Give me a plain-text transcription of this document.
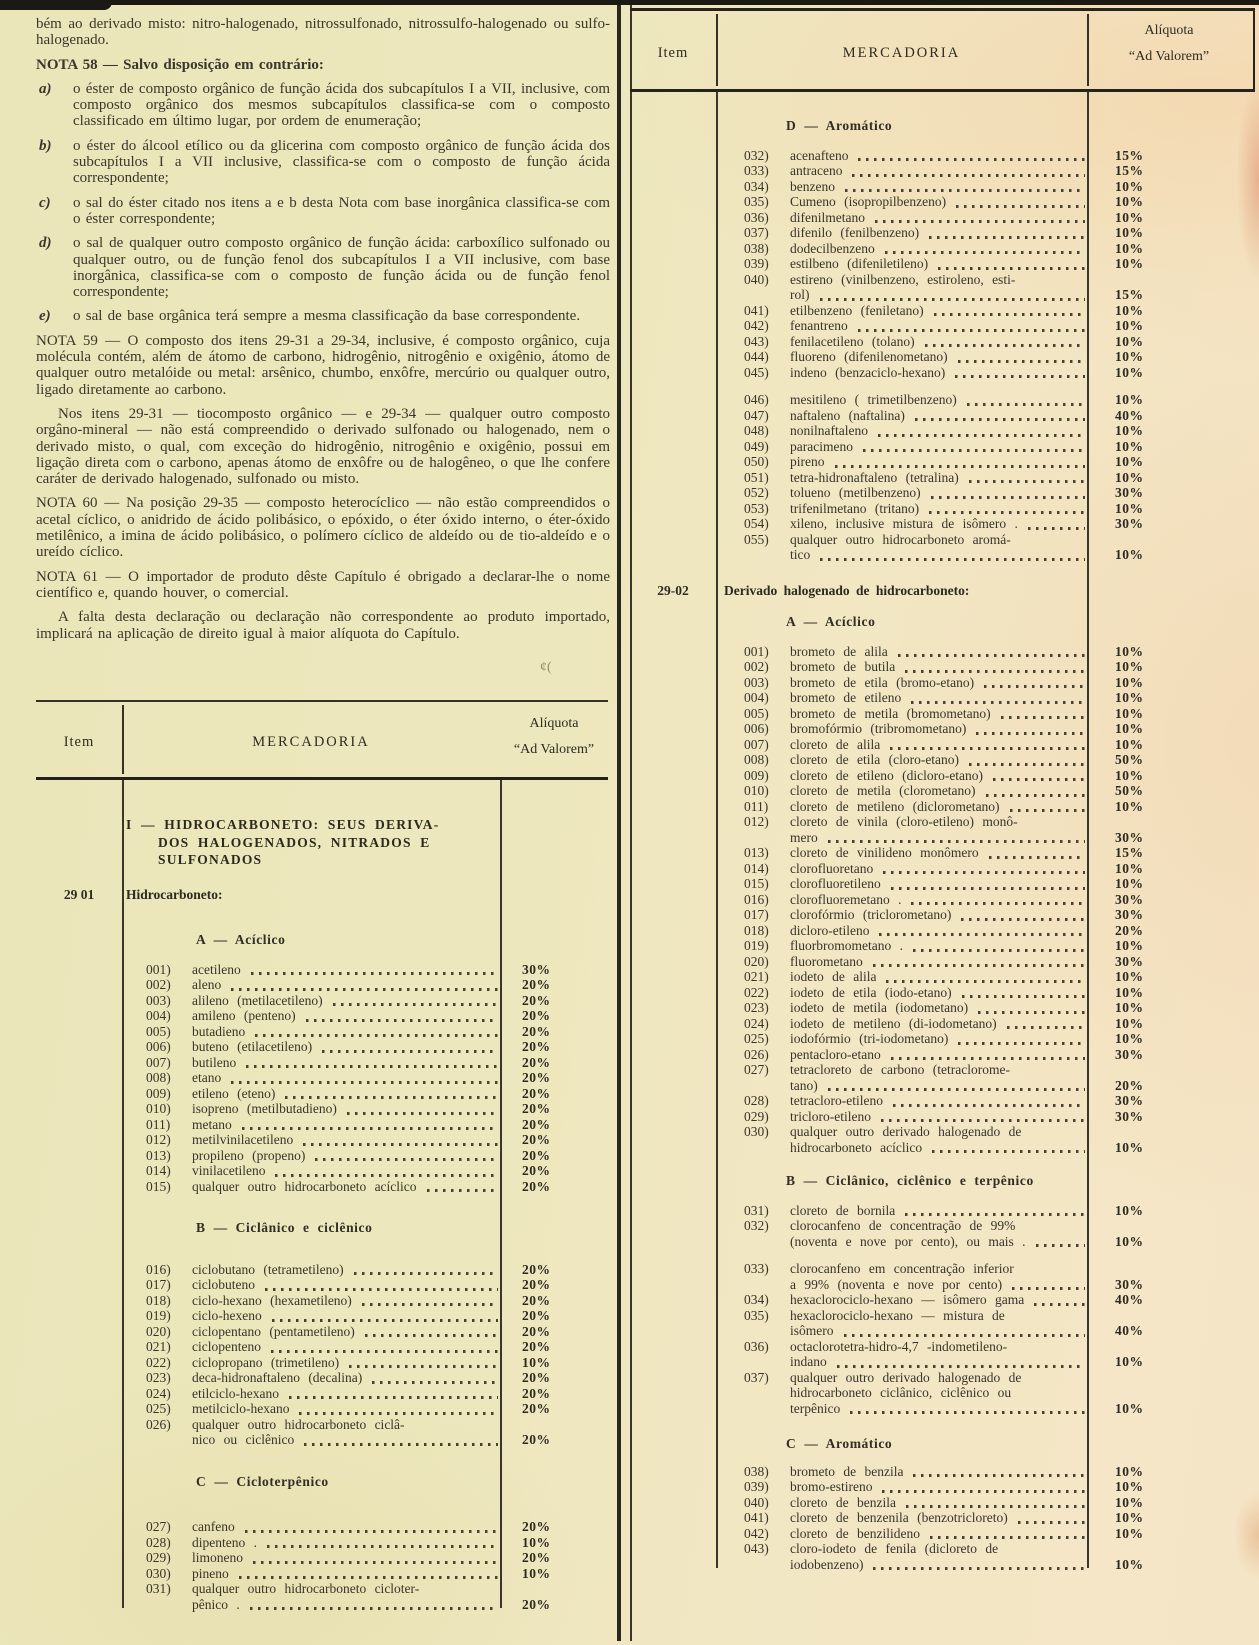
¢(

bém ao derivado misto: nitro-halogenado, nitrossulfonado, nitrossulfo-halogenado ou sulfo-halogenado.

NOTA 58 — Salvo disposição em contrário:

a)	o éster de composto orgânico de função ácida dos subcapítulos I a VII, inclusive, com composto orgânico dos mesmos subcapítulos classifica-se com o composto classificado em último lugar, por ordem de enumeração;
b)	o éster do álcool etílico ou da glicerina com composto orgânico de função ácida dos subcapítulos I a VII inclusive, classifica-se com o composto de função ácida correspondente;
c)	o sal do éster citado nos itens a e b desta Nota com base inorgânica classifica-se com o éster correspondente;
d)	o sal de qualquer outro composto orgânico de função ácida: carboxílico sulfonado ou qualquer outro, ou de função fenol dos subcapítulos I a VII inclusive, com base inorgânica, classifica-se com o composto de função ácida ou de função fenol correspondente;
e)	o sal de base orgânica terá sempre a mesma classificação da base correspondente.

NOTA 59 — O composto dos itens 29-31 a 29-34, inclusive, é composto orgânico, cuja molécula contém, além de átomo de carbono, hidrogênio, nitrogênio e oxigênio, átomo de qualquer outro metalóide ou metal: arsênico, chumbo, enxôfre, mercúrio ou qualquer outro, ligado diretamente ao carbono.

Nos itens 29-31 — tiocomposto orgânico — e 29-34 — qualquer outro composto orgâno-mineral — não está compreendido o derivado sulfonado ou halogenado, nem o derivado misto, o qual, com exceção do hidrogênio, nitrogênio e oxigênio, possui em ligação direta com o carbono, apenas átomo de enxôfre ou de halogêneo, o que lhe confere caráter de derivado halogenado, sulfonado ou misto.

NOTA 60 — Na posição 29-35 — composto heterocíclico — não estão compreendidos o acetal cíclico, o anidrido de ácido polibásico, o epóxido, o éter óxido interno, o éter-óxido metilênico, a imina de ácido polibásico, o polímero cíclico de aldeído ou de tio-aldeído e o ureído cíclico.

NOTA 61 — O importador de produto dêste Capítulo é obrigado a declarar-lhe o nome científico e, quando houver, o comercial.

A falta desta declaração ou declaração não correspondente ao produto importado, implicará na aplicação de direito igual à maior alíquota do Capítulo.

Item	MERCADORIA
Alíquota
“Ad Valorem”
I — HIDROCARBONETO: SEUS DERIVA-
DOS HALOGENADOS, NITRADOS E
SULFONADOS
29 01	Hidrocarboneto:
A — Acíclico
001)	acetileno	30%
002)	aleno	20%
003)	alileno (metilacetileno)	20%
004)	amileno (penteno)	20%
005)	butadieno	20%
006)	buteno (etilacetileno)	20%
007)	butileno	20%
008)	etano	20%
009)	etileno (eteno)	20%
010)	isopreno (metilbutadieno)	20%
011)	metano	20%
012)	metilvinilacetileno	20%
013)	propileno (propeno)	20%
014)	vinilacetileno	20%
015)	qualquer outro hidrocarboneto acíclico	20%
B — Ciclânico e ciclênico
016)	ciclobutano (tetrametileno)	20%
017)	ciclobuteno	20%
018)	ciclo-hexano (hexametileno)	20%
019)	ciclo-hexeno	20%
020)	ciclopentano (pentametileno)	20%
021)	ciclopenteno	20%
022)	ciclopropano (trimetileno)	10%
023)	deca-hidronaftaleno (decalina)	20%
024)	etilciclo-hexano	20%
025)	metilciclo-hexano	20%
026)	qualquer outro hidrocarboneto ciclâ-
nico ou ciclênico	20%
C — Cicloterpênico
027)	canfeno	20%
028)	dipenteno .	10%
029)	limoneno	20%
030)	pineno	10%
031)	qualquer outro hidrocarboneto cicloter-
pênico .	20%
Item	MERCADORIA
Alíquota
“Ad Valorem”
D — Aromático
032)	acenafteno	15%
033)	antraceno	15%
034)	benzeno	10%
035)	Cumeno (isopropilbenzeno)	10%
036)	difenilmetano	10%
037)	difenilo (fenilbenzeno)	10%
038)	dodecilbenzeno	10%
039)	estilbeno (difeniletileno)	10%
040)	estireno (vinilbenzeno, estiroleno, esti-
rol)	15%
041)	etilbenzeno (feniletano)	10%
042)	fenantreno	10%
043)	fenilacetileno (tolano)	10%
044)	fluoreno (difenilenometano)	10%
045)	indeno (benzaciclo-hexano)	10%
046)	mesitileno ( trimetilbenzeno)	10%
047)	naftaleno (naftalina)	40%
048)	nonilnaftaleno	10%
049)	paracimeno	10%
050)	pireno	10%
051)	tetra-hidronaftaleno (tetralina)	10%
052)	tolueno (metilbenzeno)	30%
053)	trifenilmetano (tritano)	10%
054)	xileno, inclusive mistura de isômero .	30%
055)	qualquer outro hidrocarboneto aromá-
tico	10%
29-02	Derivado halogenado de hidrocarboneto:
A — Acíclico
001)	brometo de alila	10%
002)	brometo de butila	10%
003)	brometo de etila (bromo-etano)	10%
004)	brometo de etileno	10%
005)	brometo de metila (bromometano)	10%
006)	bromofórmio (tribromometano)	10%
007)	cloreto de alila	10%
008)	cloreto de etila (cloro-etano)	50%
009)	cloreto de etileno (dicloro-etano)	10%
010)	cloreto de metila (clorometano)	50%
011)	cloreto de metileno (diclorometano)	10%
012)	cloreto de vinila (cloro-etileno) monô-
mero	30%
013)	cloreto de vinilideno monômero	15%
014)	clorofluoretano	10%
015)	clorofluoretileno	10%
016)	clorofluoremetano .	30%
017)	clorofórmio (triclorometano)	30%
018)	dicloro-etileno	20%
019)	fluorbromometano .	10%
020)	fluorometano	30%
021)	iodeto de alila	10%
022)	iodeto de etila (iodo-etano)	10%
023)	iodeto de metila (iodometano)	10%
024)	iodeto de metileno (di-iodometano)	10%
025)	iodofórmio (tri-iodometano)	10%
026)	pentacloro-etano	30%
027)	tetracloreto de carbono (tetraclorome-
tano)	20%
028)	tetracloro-etileno	30%
029)	tricloro-etileno	30%
030)	qualquer outro derivado halogenado de
hidrocarboneto acíclico	10%
B — Ciclânico, ciclênico e terpênico
031)	cloreto de bornila	10%
032)	clorocanfeno de concentração de 99%
(noventa e nove por cento), ou mais .	10%
033)	clorocanfeno em concentração inferior
a 99% (noventa e nove por cento)	30%
034)	hexaclorociclo-hexano — isômero gama	40%
035)	hexaclorociclo-hexano — mistura de
isômero	40%
036)	octaclorotetra-hidro-4,7 -indometileno-
indano	10%
037)	qualquer outro derivado halogenado de
hidrocarboneto ciclânico, ciclênico ou
terpênico	10%
C — Aromático
038)	brometo de benzila	10%
039)	bromo-estireno	10%
040)	cloreto de benzila	10%
041)	cloreto de benzenila (benzotricloreto)	10%
042)	cloreto de benzilideno	10%
043)	cloro-iodeto de fenila (dicloreto de
iodobenzeno)	10%
